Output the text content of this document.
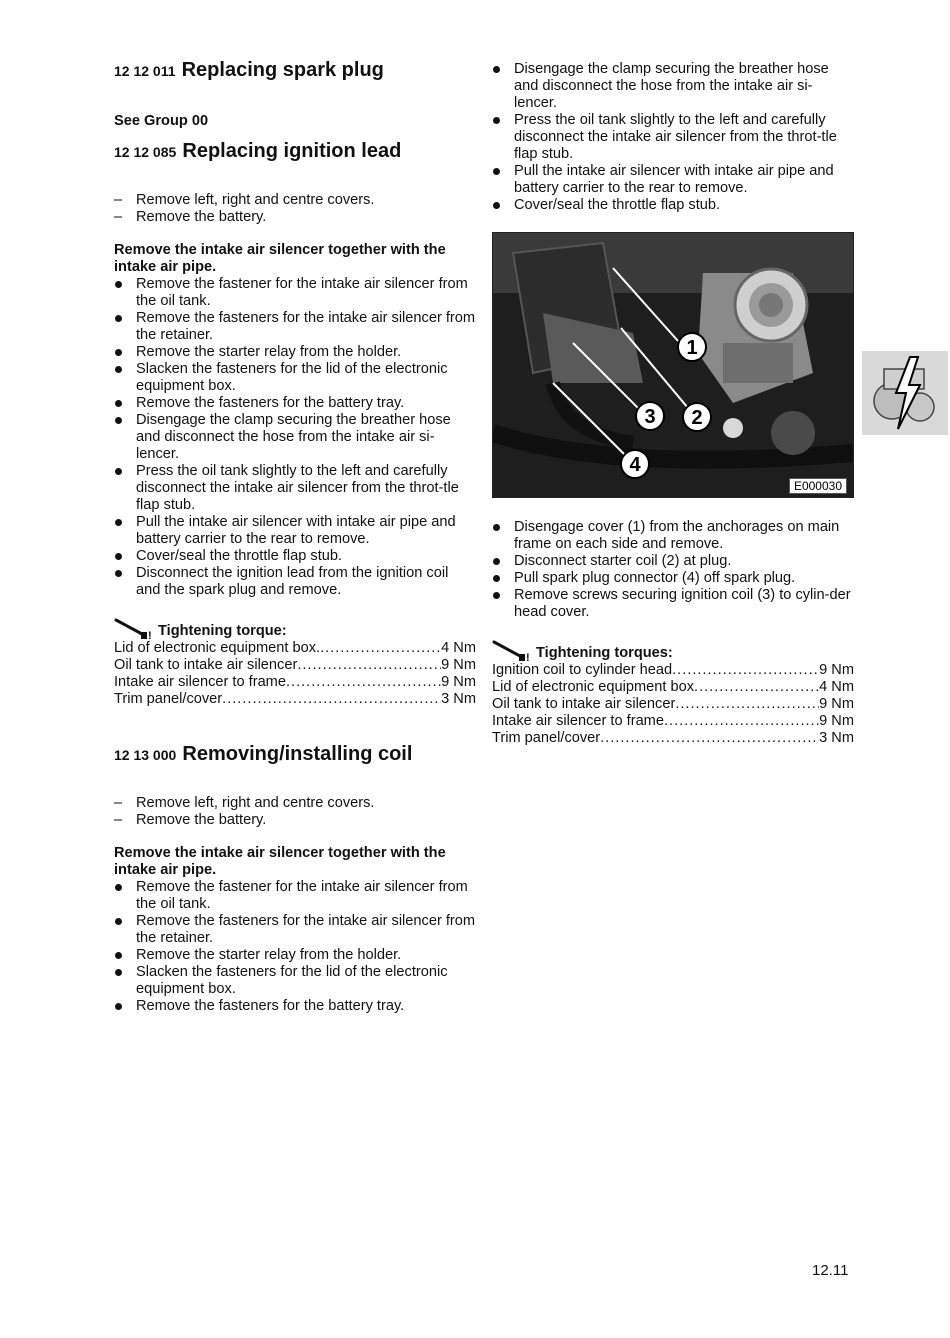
12 12 011 Replacing spark plug
See Group 00
12 12 085 Replacing ignition lead
– Remove left, right and centre covers.
– Remove the battery.
Remove the intake air silencer together with the intake air pipe.
Remove the fastener for the intake air silencer from the oil tank.
Remove the fasteners for the intake air silencer from the retainer.
Remove the starter relay from the holder.
Slacken the fasteners for the lid of the electronic equipment box.
Remove the fasteners for the battery tray.
Disengage the clamp securing the breather hose and disconnect the hose from the intake air si-lencer.
Press the oil tank slightly to the left and carefully disconnect the intake air silencer from the throt-tle flap stub.
Pull the intake air silencer with intake air pipe and battery carrier to the rear to remove.
Cover/seal the throttle flap stub.
Disconnect the ignition lead from the ignition coil and the spark plug and remove.
! Tightening torque:
Lid of electronic equipment box. .....	4 Nm
Oil tank to intake air silencer .....	9 Nm
Intake air silencer to frame .....	9 Nm
Trim panel/cover .....	3 Nm
12 13 000 Removing/installing coil
– Remove left, right and centre covers.
– Remove the battery.
Remove the intake air silencer together with the intake air pipe.
Remove the fastener for the intake air silencer from the oil tank.
Remove the fasteners for the intake air silencer from the retainer.
Remove the starter relay from the holder.
Slacken the fasteners for the lid of the electronic equipment box.
Remove the fasteners for the battery tray.
Disengage the clamp securing the breather hose and disconnect the hose from the intake air si-lencer.
Press the oil tank slightly to the left and carefully disconnect the intake air silencer from the throt-tle flap stub.
Pull the intake air silencer with intake air pipe and battery carrier to the rear to remove.
Cover/seal the throttle flap stub.
1
2
3
4
E000030
Disengage cover (1) from the anchorages on main frame on each side and remove.
Disconnect starter coil (2) at plug.
Pull spark plug connector (4) off spark plug.
Remove screws securing ignition coil (3) to cylin-der head cover.
! Tightening torques:
Ignition coil to cylinder head .....	9 Nm
Lid of electronic equipment box .....	4 Nm
Oil tank to intake air silencer .....	9 Nm
Intake air silencer to frame .....	9 Nm
Trim panel/cover .....	3 Nm
12.11
